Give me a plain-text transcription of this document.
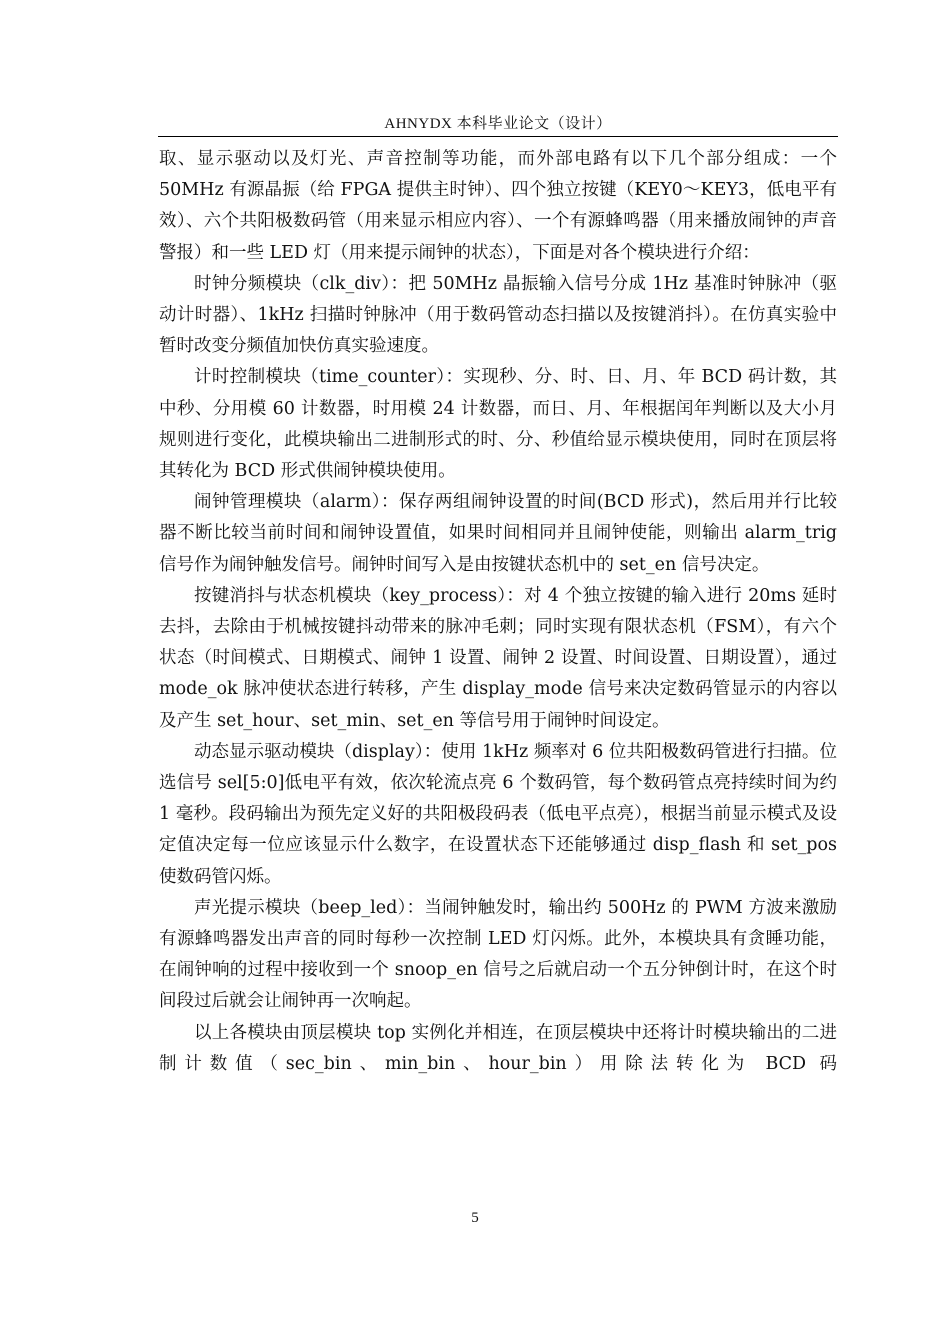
AHNYDX 本科毕业论文（设计）

取、显示驱动以及灯光、声音控制等功能，而外部电路有以下几个部分组成：一个 50MHz 有源晶振（给 FPGA 提供主时钟）、四个独立按键（KEY0～KEY3，低电平有效）、六个共阳极数码管（用来显示相应内容）、一个有源蜂鸣器（用来播放闹钟的声音警报）和一些 LED 灯（用来提示闹钟的状态），下面是对各个模块进行介绍：

时钟分频模块（clk_div）：把 50MHz 晶振输入信号分成 1Hz 基准时钟脉冲（驱动计时器）、1kHz 扫描时钟脉冲（用于数码管动态扫描以及按键消抖）。在仿真实验中暂时改变分频值加快仿真实验速度。

计时控制模块（time_counter）：实现秒、分、时、日、月、年 BCD 码计数，其中秒、分用模 60 计数器，时用模 24 计数器，而日、月、年根据闰年判断以及大小月规则进行变化，此模块输出二进制形式的时、分、秒值给显示模块使用，同时在顶层将其转化为 BCD 形式供闹钟模块使用。

闹钟管理模块（alarm）：保存两组闹钟设置的时间(BCD 形式)，然后用并行比较器不断比较当前时间和闹钟设置值，如果时间相同并且闹钟使能，则输出 alarm_trig 信号作为闹钟触发信号。闹钟时间写入是由按键状态机中的 set_en 信号决定。

按键消抖与状态机模块（key_process）：对 4 个独立按键的输入进行 20ms 延时去抖，去除由于机械按键抖动带来的脉冲毛刺；同时实现有限状态机（FSM），有六个状态（时间模式、日期模式、闹钟 1 设置、闹钟 2 设置、时间设置、日期设置），通过 mode_ok 脉冲使状态进行转移，产生 display_mode 信号来决定数码管显示的内容以及产生 set_hour、set_min、set_en 等信号用于闹钟时间设定。

动态显示驱动模块（display）：使用 1kHz 频率对 6 位共阳极数码管进行扫描。位选信号 sel[5:0]低电平有效，依次轮流点亮 6 个数码管，每个数码管点亮持续时间为约 1 毫秒。段码输出为预先定义好的共阳极段码表（低电平点亮），根据当前显示模式及设定值决定每一位应该显示什么数字，在设置状态下还能够通过 disp_flash 和 set_pos 使数码管闪烁。

声光提示模块（beep_led）：当闹钟触发时，输出约 500Hz 的 PWM 方波来激励有源蜂鸣器发出声音的同时每秒一次控制 LED 灯闪烁。此外，本模块具有贪睡功能，在闹钟响的过程中接收到一个 snoop_en 信号之后就启动一个五分钟倒计时，在这个时间段过后就会让闹钟再一次响起。

以上各模块由顶层模块 top 实例化并相连，在顶层模块中还将计时模块输出的二进制计数值（sec_bin、min_bin、hour_bin）用除法转化为 BCD 码

5
